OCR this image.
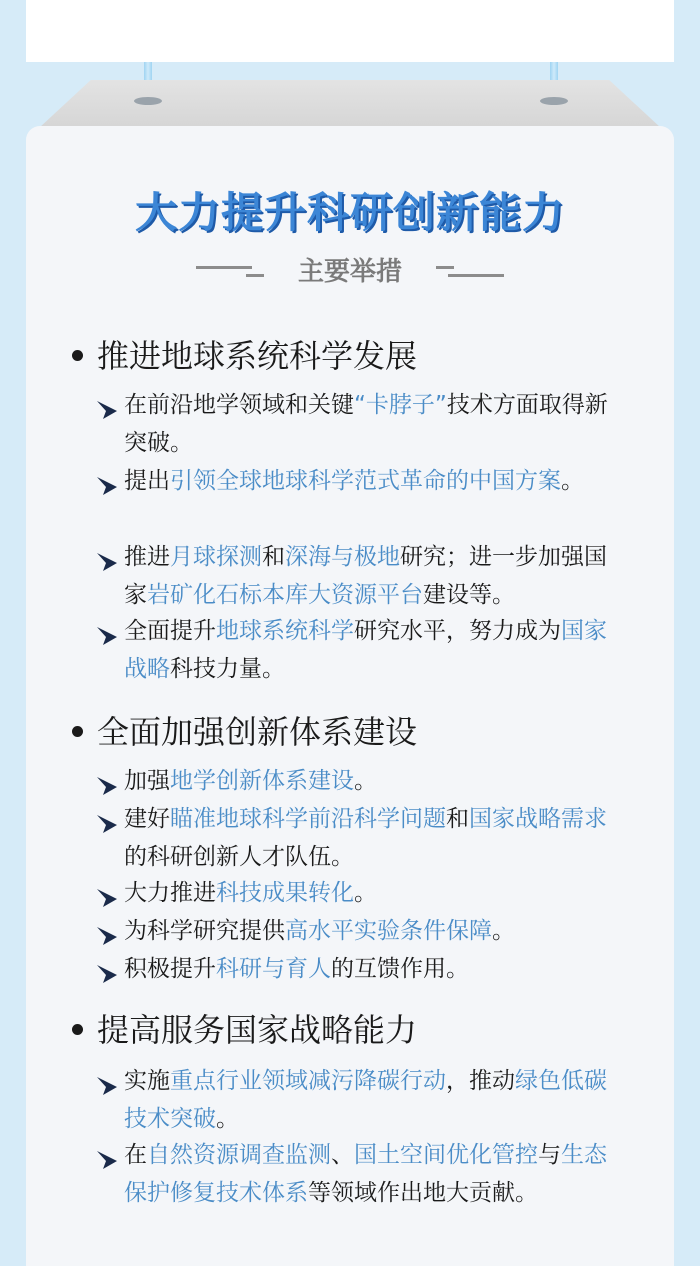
大力提升科研创新能力
主要举措
推进地球系统科学发展
在前沿地学领域和关键“卡脖子”技术方面取得新突破。
提出引领全球地球科学范式革命的中国方案。
推进月球探测和深海与极地研究；进一步加强国家岩矿化石标本库大资源平台建设等。
全面提升地球系统科学研究水平，努力成为国家战略科技力量。
全面加强创新体系建设
加强地学创新体系建设。
建好瞄准地球科学前沿科学问题和国家战略需求的科研创新人才队伍。
大力推进科技成果转化。
为科学研究提供高水平实验条件保障。
积极提升科研与育人的互馈作用。
提高服务国家战略能力
实施重点行业领域减污降碳行动，推动绿色低碳技术突破。
在自然资源调查监测、国土空间优化管控与生态保护修复技术体系等领域作出地大贡献。
